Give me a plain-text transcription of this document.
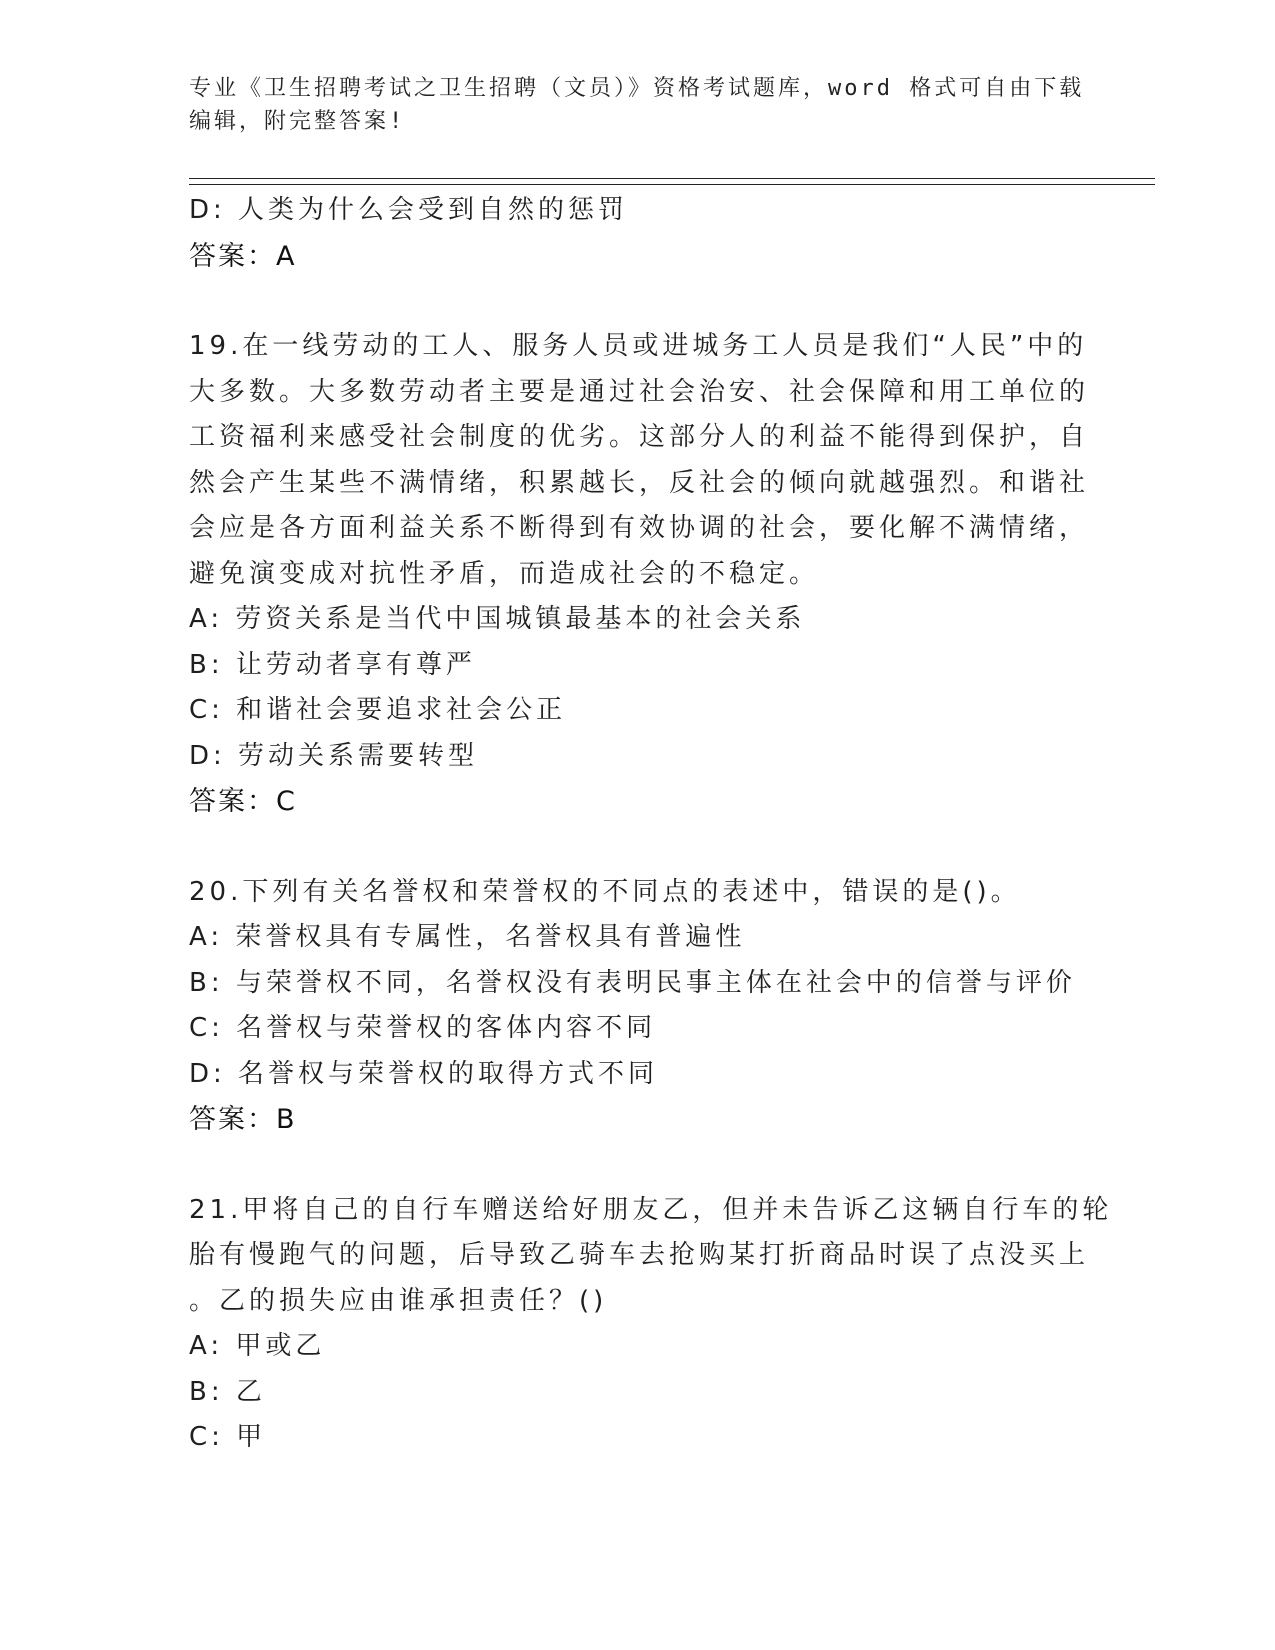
专业《卫生招聘考试之卫生招聘（文员）》资格考试题库，word 格式可自由下载
编辑，附完整答案!
D: 人类为什么会受到自然的惩罚
答案：A
19.在一线劳动的工人、服务人员或进城务工人员是我们“人民”中的
大多数。大多数劳动者主要是通过社会治安、社会保障和用工单位的
工资福利来感受社会制度的优劣。这部分人的利益不能得到保护，自
然会产生某些不满情绪，积累越长，反社会的倾向就越强烈。和谐社
会应是各方面利益关系不断得到有效协调的社会，要化解不满情绪，
避免演变成对抗性矛盾，而造成社会的不稳定。
A: 劳资关系是当代中国城镇最基本的社会关系
B: 让劳动者享有尊严
C: 和谐社会要追求社会公正
D: 劳动关系需要转型
答案：C
20.下列有关名誉权和荣誉权的不同点的表述中，错误的是()。
A: 荣誉权具有专属性，名誉权具有普遍性
B: 与荣誉权不同，名誉权没有表明民事主体在社会中的信誉与评价
C: 名誉权与荣誉权的客体内容不同
D: 名誉权与荣誉权的取得方式不同
答案：B
21.甲将自己的自行车赠送给好朋友乙，但并未告诉乙这辆自行车的轮
胎有慢跑气的问题，后导致乙骑车去抢购某打折商品时误了点没买上
。乙的损失应由谁承担责任？()
A: 甲或乙
B: 乙
C: 甲
